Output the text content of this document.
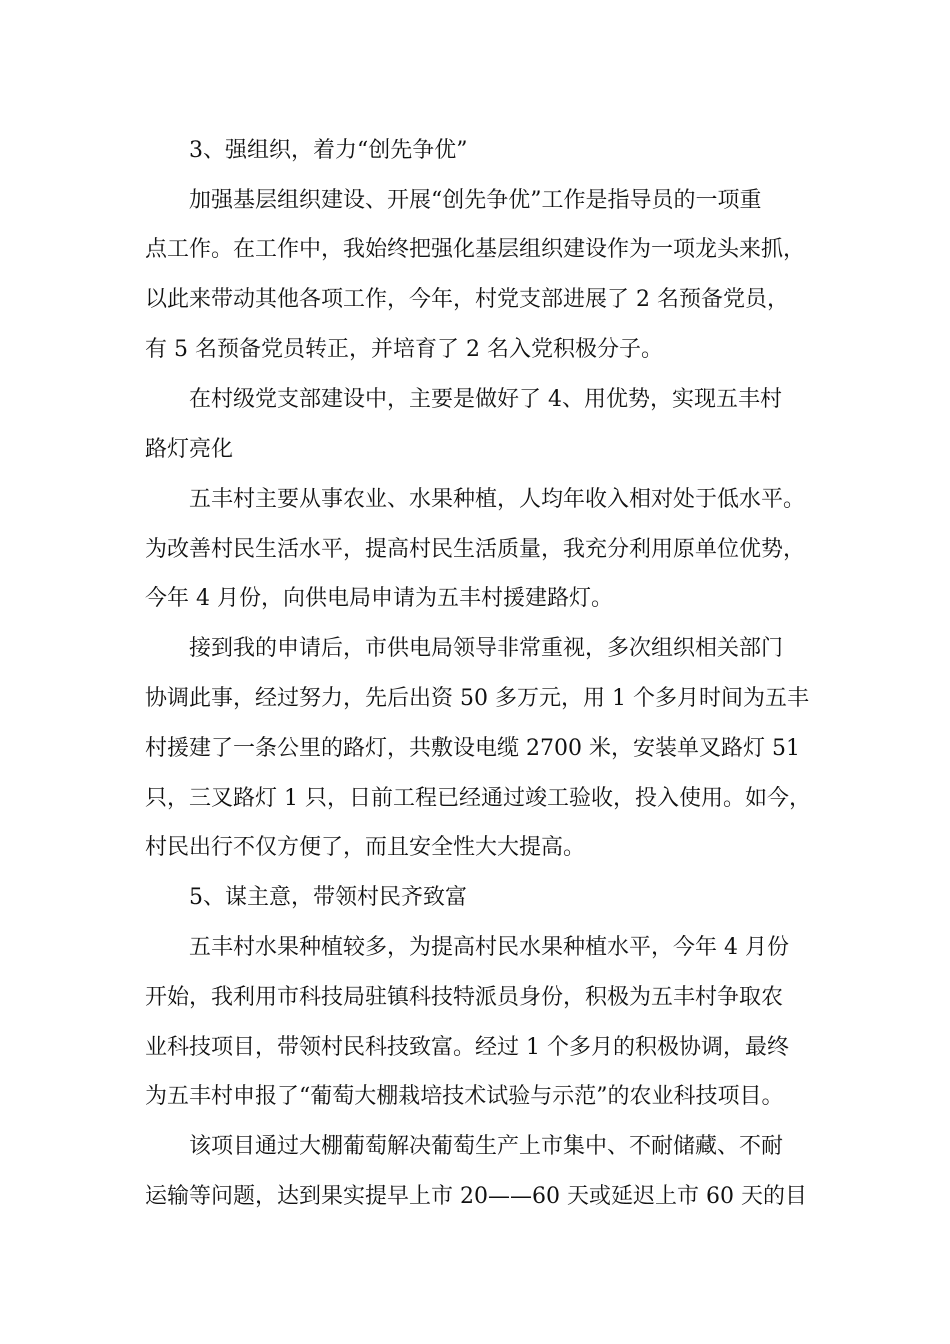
3、强组织，着力“创先争优”
加强基层组织建设、开展“创先争优”工作是指导员的一项重
点工作。在工作中，我始终把强化基层组织建设作为一项龙头来抓，
以此来带动其他各项工作，今年，村党支部进展了 2 名预备党员，
有 5 名预备党员转正，并培育了 2 名入党积极分子。
在村级党支部建设中，主要是做好了 4、用优势，实现五丰村
路灯亮化
五丰村主要从事农业、水果种植，人均年收入相对处于低水平。
为改善村民生活水平，提高村民生活质量，我充分利用原单位优势，
今年 4 月份，向供电局申请为五丰村援建路灯。
接到我的申请后，市供电局领导非常重视，多次组织相关部门
协调此事，经过努力，先后出资 50 多万元，用 1 个多月时间为五丰
村援建了一条公里的路灯，共敷设电缆 2700 米，安装单叉路灯 51
只，三叉路灯 1 只，日前工程已经通过竣工验收，投入使用。如今，
村民出行不仅方便了，而且安全性大大提高。
5、谋主意，带领村民齐致富
五丰村水果种植较多，为提高村民水果种植水平，今年 4 月份
开始，我利用市科技局驻镇科技特派员身份，积极为五丰村争取农
业科技项目，带领村民科技致富。经过 1 个多月的积极协调，最终
为五丰村申报了“葡萄大棚栽培技术试验与示范”的农业科技项目。
该项目通过大棚葡萄解决葡萄生产上市集中、不耐储藏、不耐
运输等问题，达到果实提早上市 20——60 天或延迟上市 60 天的目
